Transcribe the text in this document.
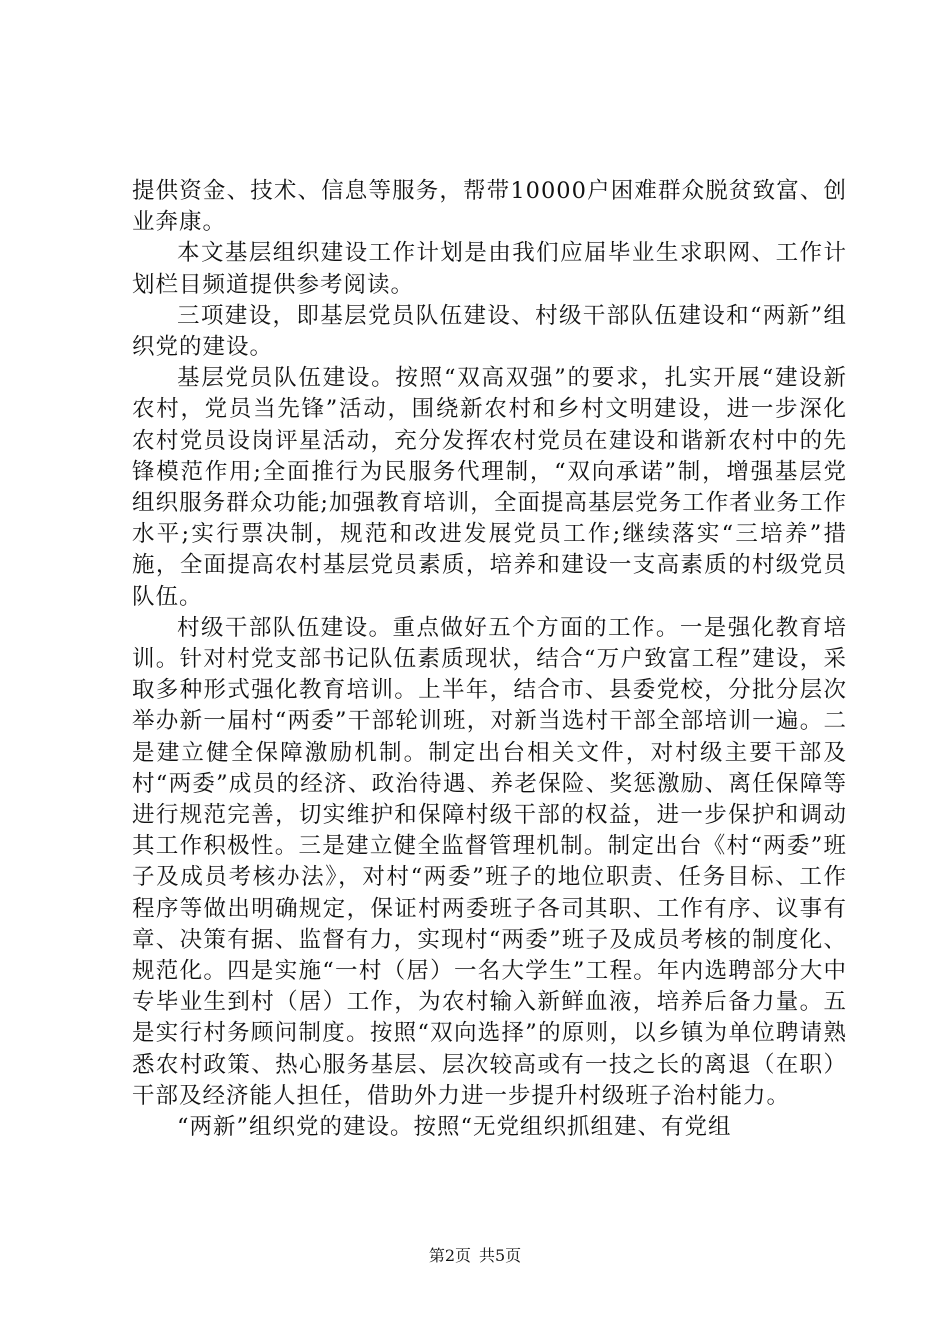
提供资金、技术、信息等服务，帮带10000户困难群众脱贫致富、创业奔康。

本文基层组织建设工作计划是由我们应届毕业生求职网、工作计划栏目频道提供参考阅读。

三项建设，即基层党员队伍建设、村级干部队伍建设和“两新”组织党的建设。

基层党员队伍建设。按照“双高双强”的要求，扎实开展“建设新农村，党员当先锋”活动，围绕新农村和乡村文明建设，进一步深化农村党员设岗评星活动，充分发挥农村党员在建设和谐新农村中的先锋模范作用;全面推行为民服务代理制，“双向承诺”制，增强基层党组织服务群众功能;加强教育培训，全面提高基层党务工作者业务工作水平;实行票决制，规范和改进发展党员工作;继续落实“三培养”措施，全面提高农村基层党员素质，培养和建设一支高素质的村级党员队伍。

村级干部队伍建设。重点做好五个方面的工作。一是强化教育培训。针对村党支部书记队伍素质现状，结合“万户致富工程”建设，采取多种形式强化教育培训。上半年，结合市、县委党校，分批分层次举办新一届村“两委”干部轮训班，对新当选村干部全部培训一遍。二是建立健全保障激励机制。制定出台相关文件，对村级主要干部及村“两委”成员的经济、政治待遇、养老保险、奖惩激励、离任保障等进行规范完善，切实维护和保障村级干部的权益，进一步保护和调动其工作积极性。三是建立健全监督管理机制。制定出台《村“两委”班子及成员考核办法》，对村“两委”班子的地位职责、任务目标、工作程序等做出明确规定，保证村两委班子各司其职、工作有序、议事有章、决策有据、监督有力，实现村“两委”班子及成员考核的制度化、规范化。四是实施“一村（居）一名大学生”工程。年内选聘部分大中专毕业生到村（居）工作，为农村输入新鲜血液，培养后备力量。五是实行村务顾问制度。按照“双向选择”的原则，以乡镇为单位聘请熟悉农村政策、热心服务基层、层次较高或有一技之长的离退（在职）干部及经济能人担任，借助外力进一步提升村级班子治村能力。

“两新”组织党的建设。按照“无党组织抓组建、有党组

第2页 共5页
